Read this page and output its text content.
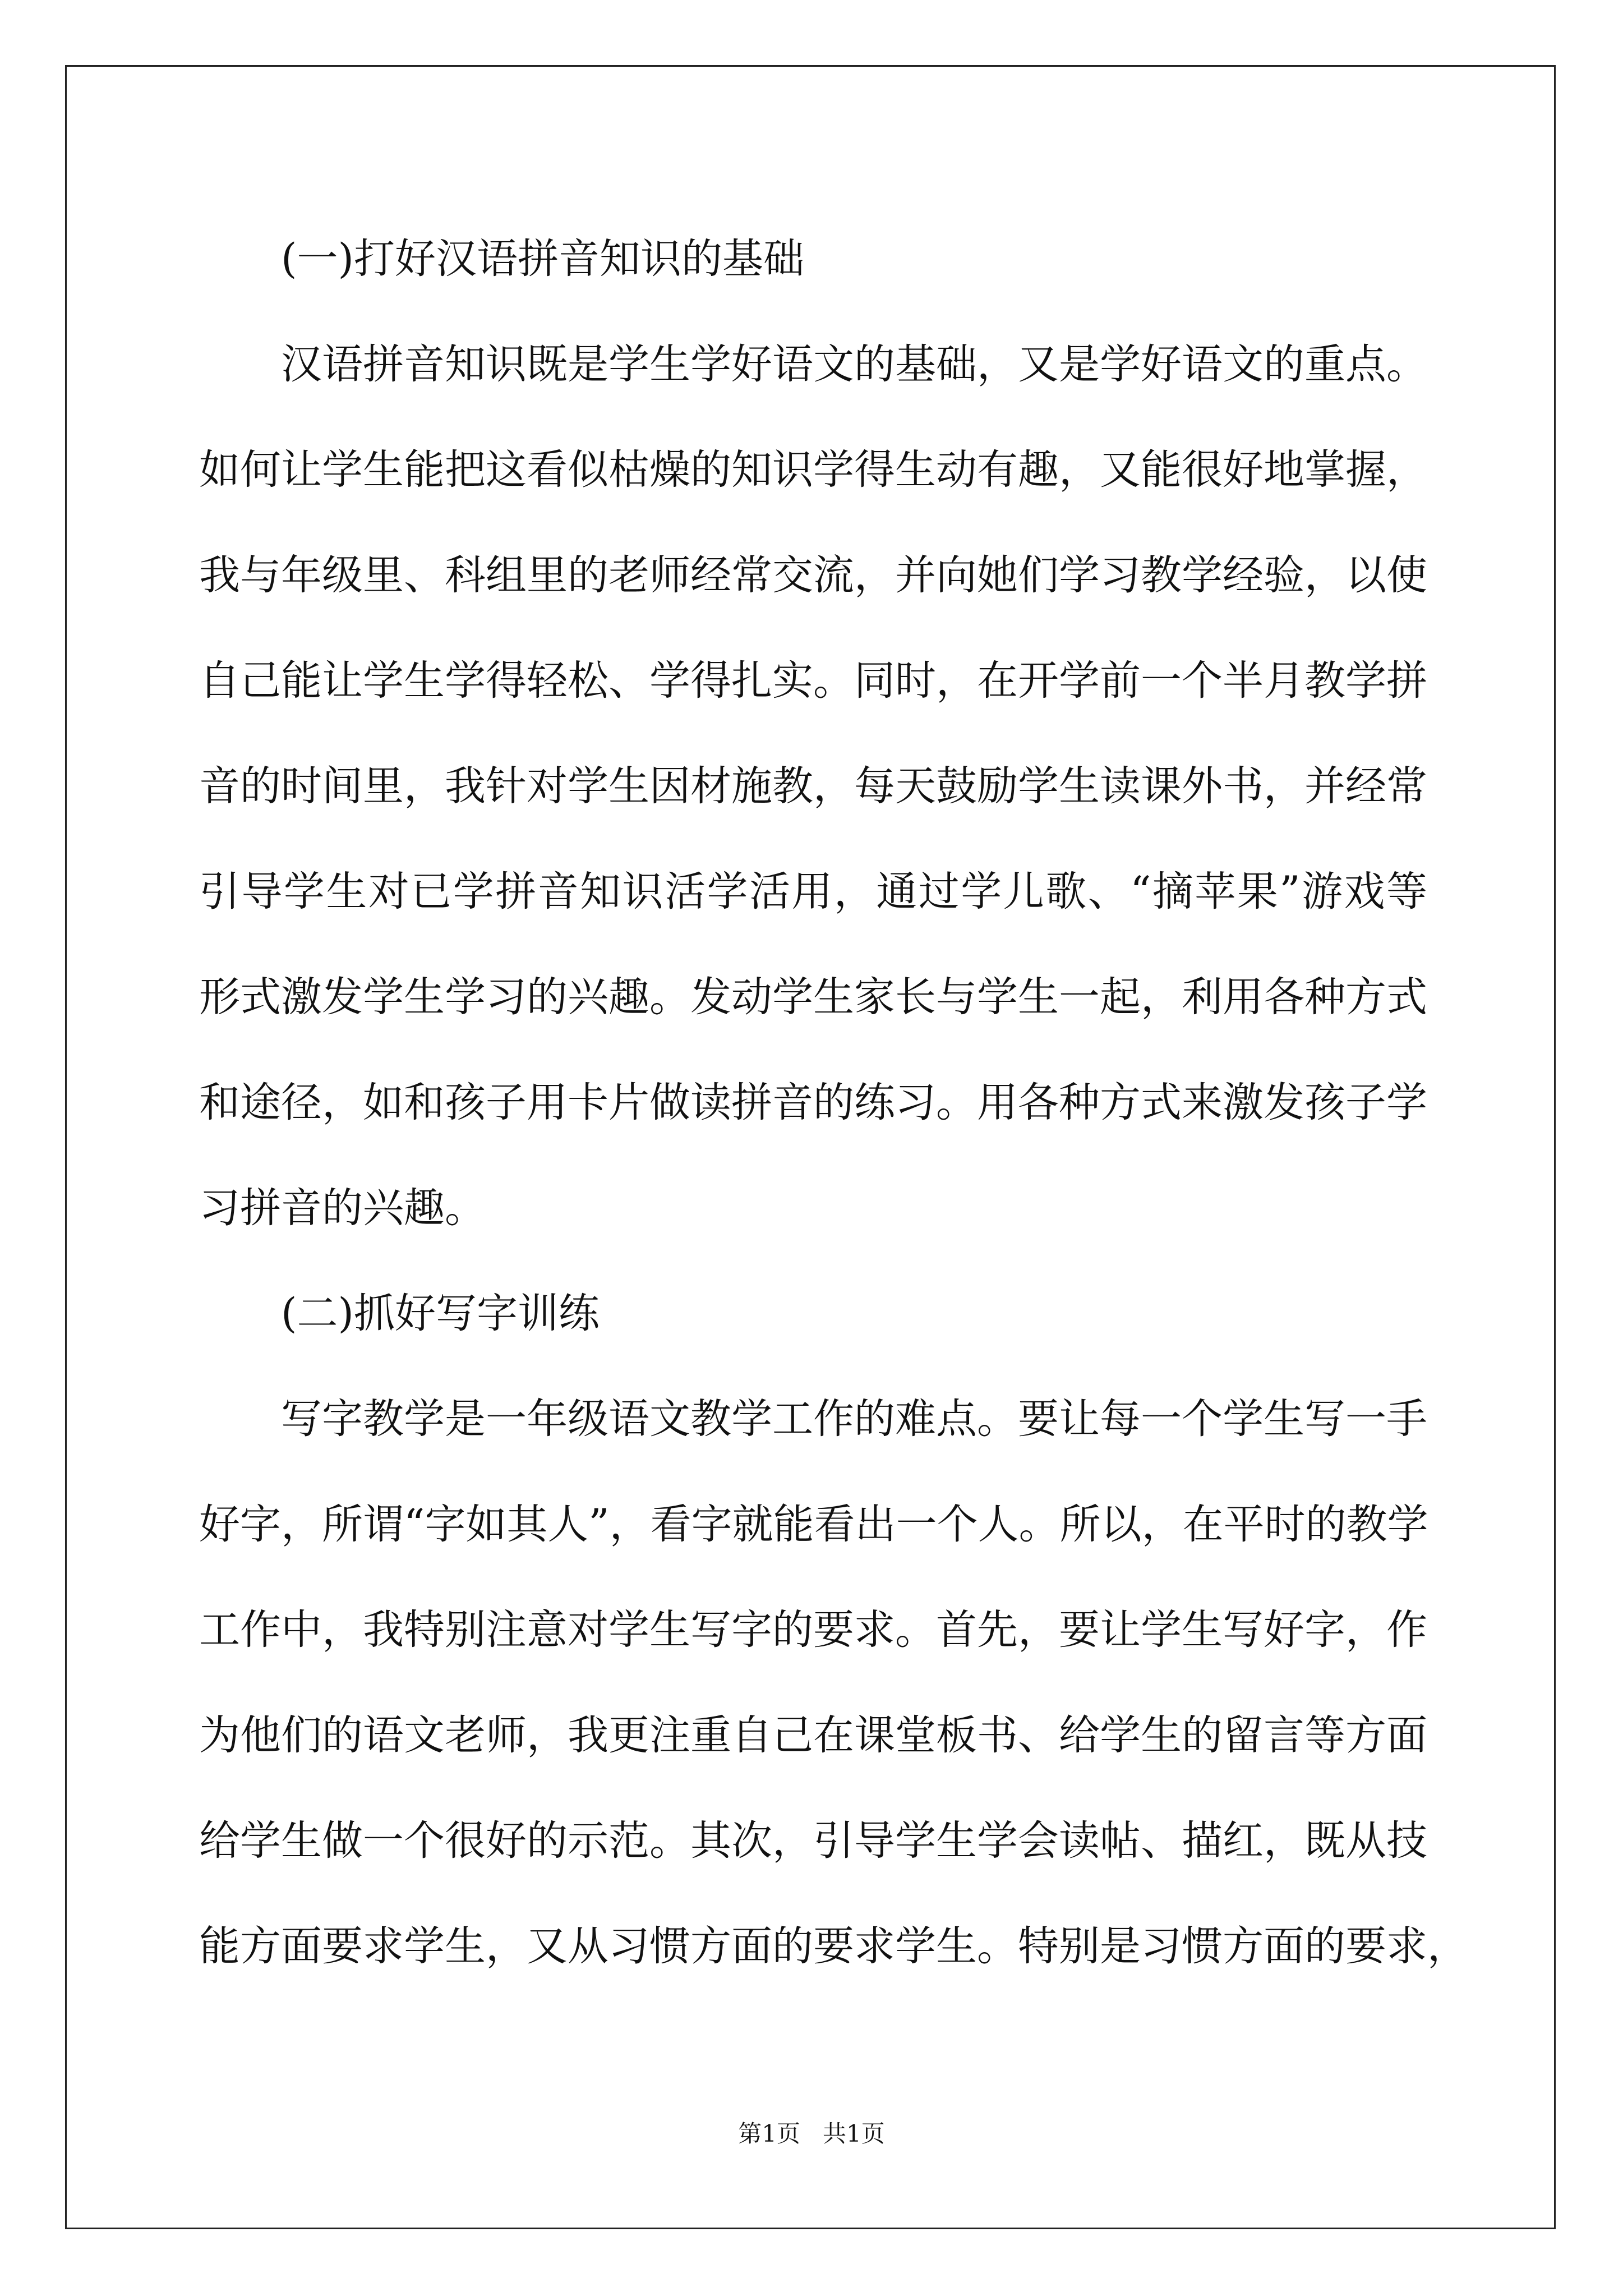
(一)打好汉语拼音知识的基础
汉语拼音知识既是学生学好语文的基础，又是学好语文的重点。
如何让学生能把这看似枯燥的知识学得生动有趣，又能很好地掌握，
我与年级里、科组里的老师经常交流，并向她们学习教学经验，以使
自己能让学生学得轻松、学得扎实。同时，在开学前一个半月教学拼
音的时间里，我针对学生因材施教，每天鼓励学生读课外书，并经常
引导学生对已学拼音知识活学活用，通过学儿歌、“摘苹果”游戏等
形式激发学生学习的兴趣。发动学生家长与学生一起，利用各种方式
和途径，如和孩子用卡片做读拼音的练习。用各种方式来激发孩子学
习拼音的兴趣。
(二)抓好写字训练
写字教学是一年级语文教学工作的难点。要让每一个学生写一手
好字，所谓“字如其人”，看字就能看出一个人。所以，在平时的教学
工作中，我特别注意对学生写字的要求。首先，要让学生写好字，作
为他们的语文老师，我更注重自己在课堂板书、给学生的留言等方面
给学生做一个很好的示范。其次，引导学生学会读帖、描红，既从技
能方面要求学生，又从习惯方面的要求学生。特别是习惯方面的要求，
第1页 共1页
